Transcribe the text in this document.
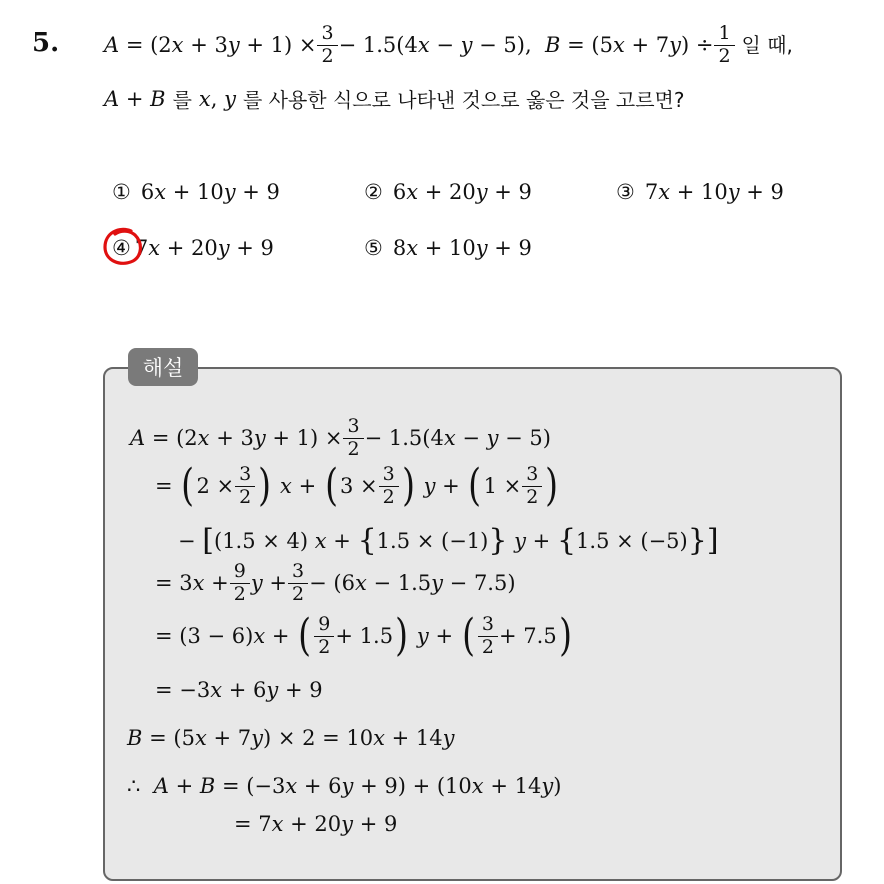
5. $A = (2x + 3y + 1) \times \frac{3}{2} - 1.5(4x - y - 5)$,  $B = (5x + 7y) \div \frac{1}{2}$ 일 때,
A + B 를 x, y 를 사용한 식으로 나타낸 것으로 옳은 것을 고르면?
① 6x + 10y + 9	② 6x + 20y + 9	③ 7x + 10y + 9
④ 7x + 20y + 9	⑤ 8x + 10y + 9
해설
$A = (2x + 3y + 1) \times \frac{3}{2} - 1.5(4x - y - 5)$
= ( $2 \times \frac{3}{2}$ ) x + ( $3 \times \frac{3}{2}$ ) y + ( $1 \times \frac{3}{2}$ )
− [ (1.5 × 4) x + { 1.5 × (−1) } y + { 1.5 × (−5) } ]
= $3x + \frac{9}{2}$ $y + \frac{3}{2} - (6x - 1.5y - 7.5)$
= (3 − 6)x + ( $\frac{9}{2} + 1.5$ ) y + ( $\frac{3}{2} + 7.5$ )
= −3x + 6y + 9
B = (5x + 7y) × 2 = 10x + 14y
∴  A + B = (−3x + 6y + 9) + (10x + 14y)
= 7x + 20y + 9
